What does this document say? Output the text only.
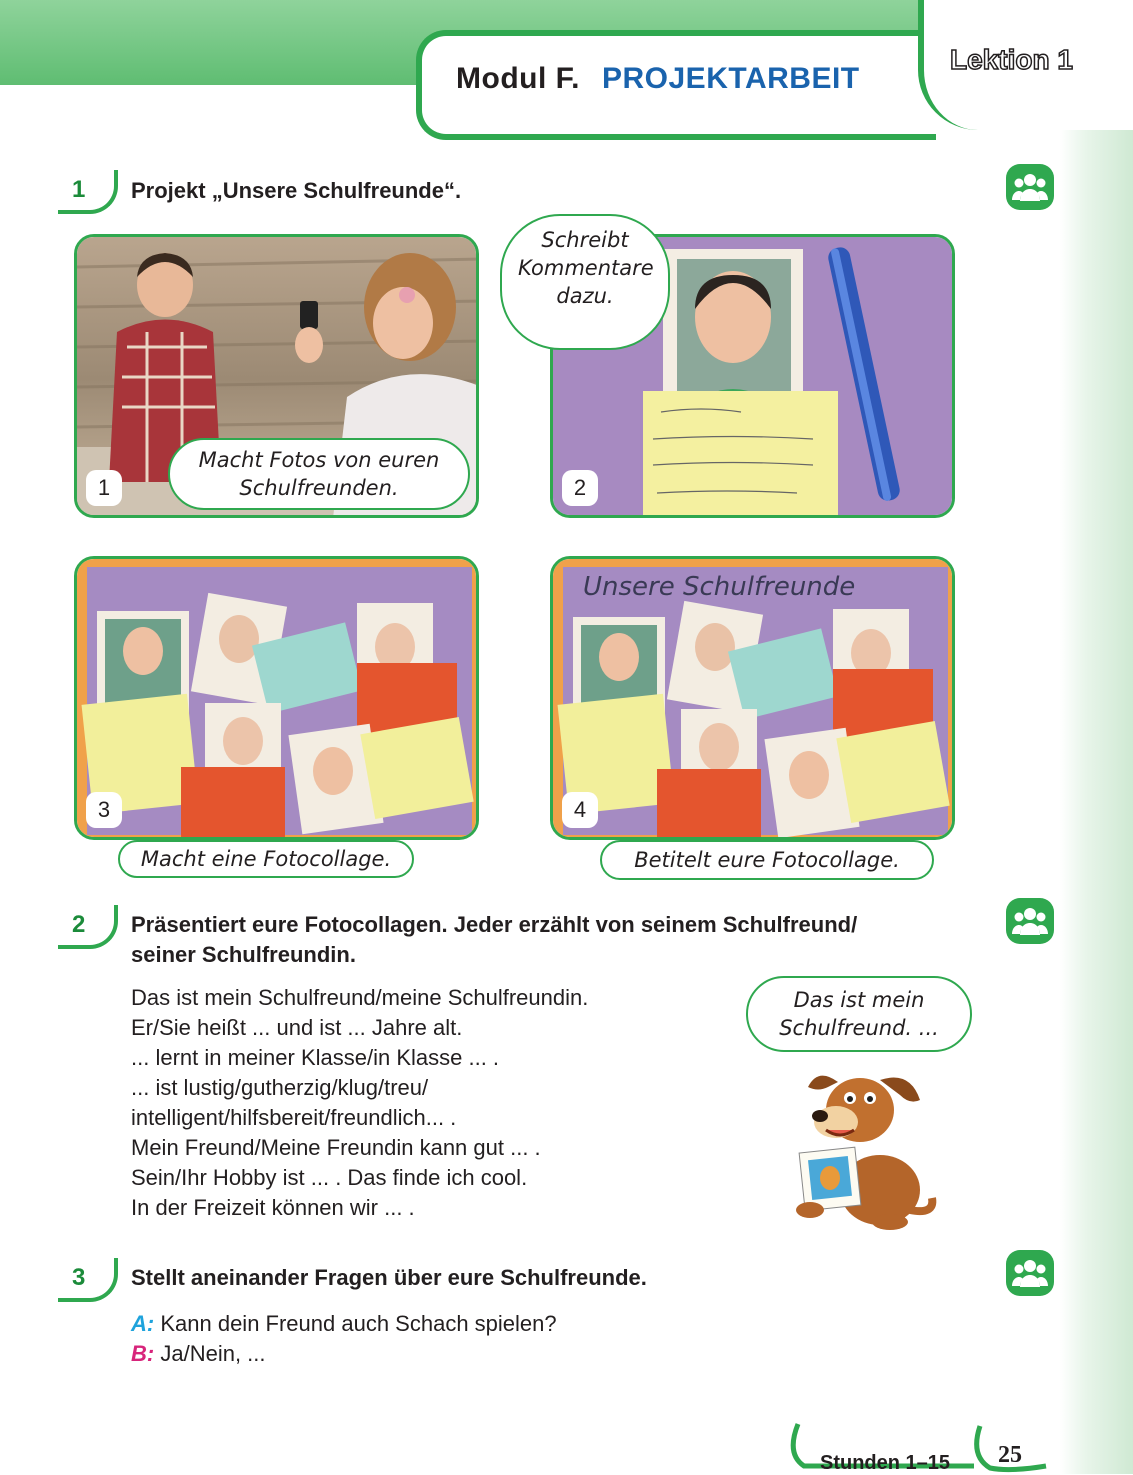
Modul F. PROJEKTARBEIT
Lektion 1
1 Projekt „Unsere Schulfreunde“.
1
Macht Fotos von euren Schulfreunden.	2
Schreibt Kommentare dazu.
3
Macht eine Fotocollage.
Unsere Schulfreunde
4
Betitelt eure Fotocollage.
2 Präsentiert eure Fotocollagen. Jeder erzählt von seinem Schulfreund/
seiner Schulfreundin.
Das ist mein Schulfreund/meine Schulfreundin.
Er/Sie heißt ... und ist ... Jahre alt.
... lernt in meiner Klasse/in Klasse ... .
... ist lustig/gutherzig/klug/treu/
intelligent/hilfsbereit/freundlich... .
Mein Freund/Meine Freundin kann gut ... .
Sein/Ihr Hobby ist ... . Das finde ich cool.
In der Freizeit können wir ... .
Das ist mein Schulfreund. ...
3 Stellt aneinander Fragen über eure Schulfreunde.
A: Kann dein Freund auch Schach spielen?
B: Ja/Nein, ...
Stunden 1–15 25
